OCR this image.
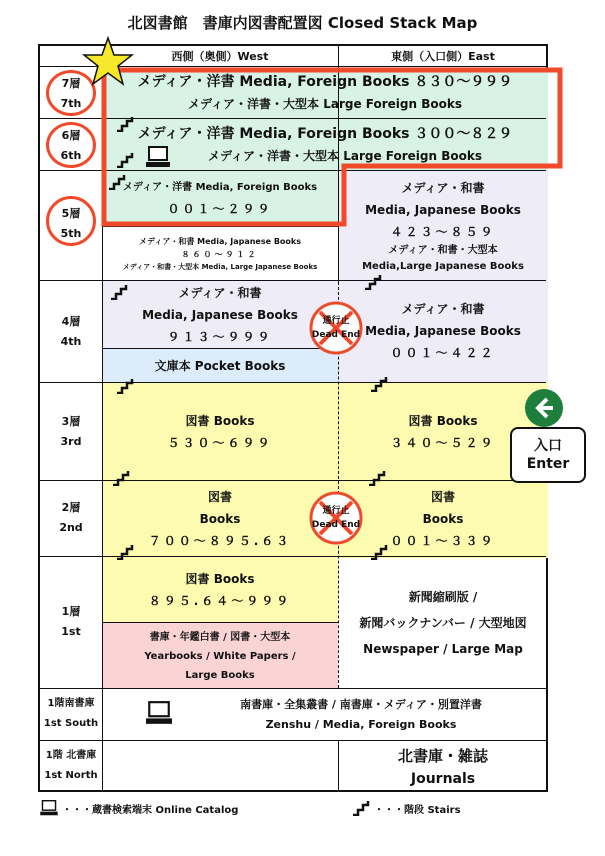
北図書館　書庫内図書配置図 Closed Stack Map
西側（奥側）West	東側（入口側）East
7層
7th
6層
6th
5層
5th
4層
4th
3層
3rd
2層
2nd
1層
1st
1階南書庫
1st South
1階 北書庫
1st North
メディア・洋書 Media, Foreign Books ８３０～９９９
メディア・洋書・大型本 Large Foreign Books
メディア・洋書 Media, Foreign Books ３００～８２９
メディア・洋書・大型本 Large Foreign Books
メディア・洋書 Media, Foreign Books
００１～２９９
メディア・和書 Media, Japanese Books
８６０～９１２
メディア・和書・大型本 Media, Large Japanese Books
メディア・和書
Media, Japanese Books
４２３～８５９
メディア・和書・大型本
Media,Large Japanese Books
メディア・和書
Media, Japanese Books
９１３～９９９
文庫本 Pocket Books
メディア・和書
Media, Japanese Books
００１～４２２
図書 Books
５３０～６９９
図書 Books
３４０～５２９
図書
Books
７００～８９５.６３
図書
Books
００１～３３９
図書 Books
８９５.６４～９９９
書庫・年鑑白書 / 図書・大型本
Yearbooks / White Papers /
Large Books
新聞縮刷版 /
新聞バックナンバー / 大型地図
Newspaper / Large Map
南書庫・全集叢書 / 南書庫・メディア・別置洋書
Zenshu / Media, Foreign Books
北書庫・雑誌
Journals
通行止
Dead End
通行止
Dead End
入口
Enter
・・・蔵書検索端末 Online Catalog	・・・階段 Stairs
